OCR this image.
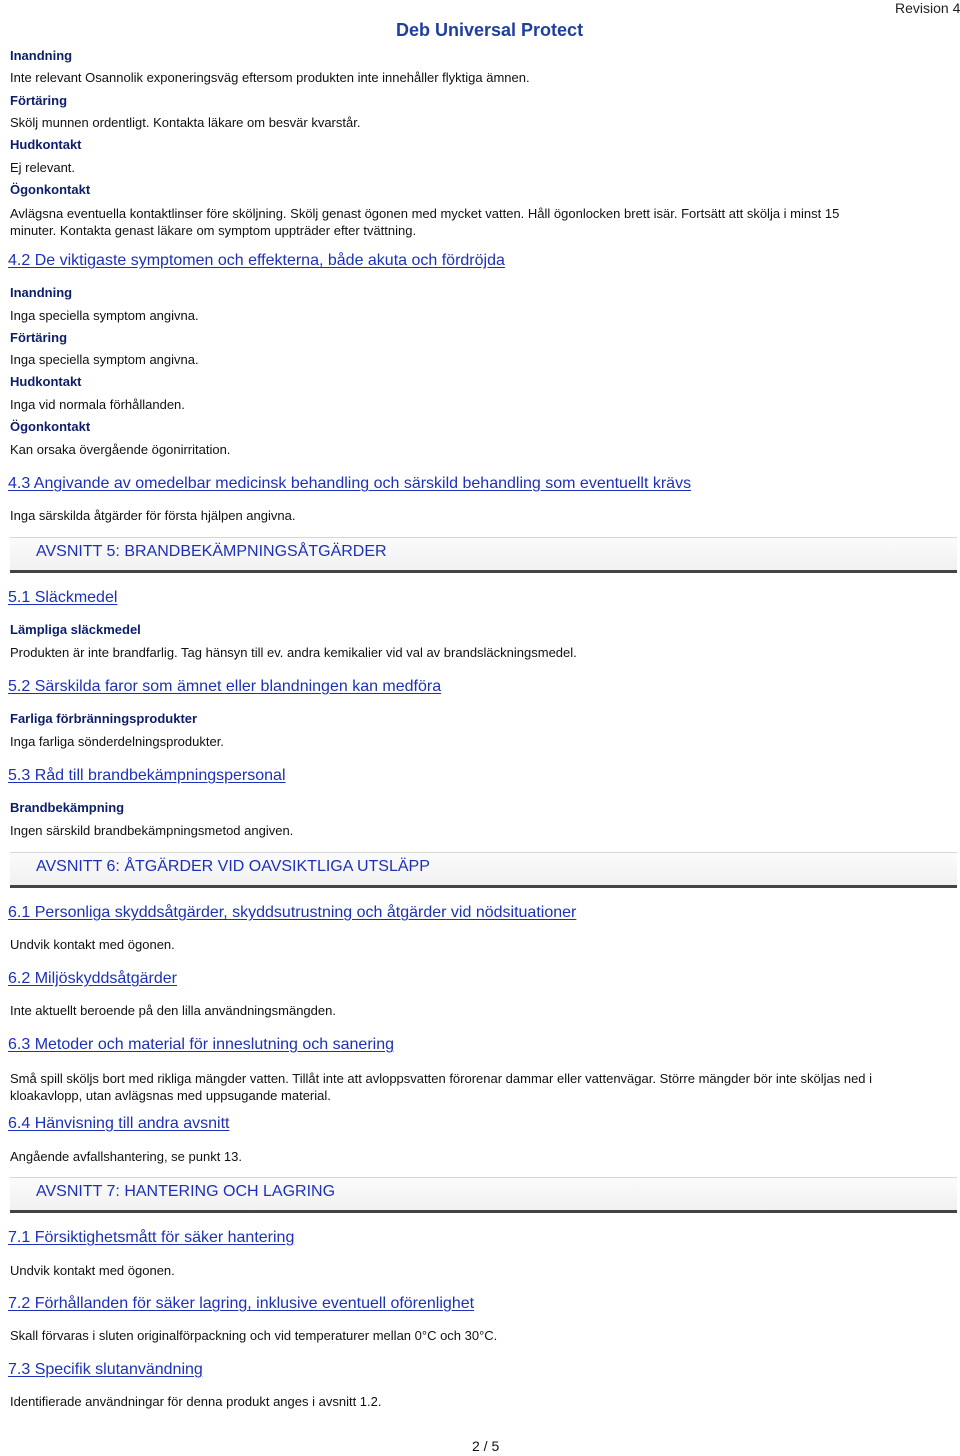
Deb Universal Protect
Revision 4
Inandning
Inte relevant Osannolik exponeringsväg eftersom produkten inte innehåller flyktiga ämnen.
Förtäring
Skölj munnen ordentligt. Kontakta läkare om besvär kvarstår.
Hudkontakt
Ej relevant.
Ögonkontakt
Avlägsna eventuella kontaktlinser före sköljning. Skölj genast ögonen med mycket vatten. Håll ögonlocken brett isär. Fortsätt att skölja i minst 15 minuter. Kontakta genast läkare om symptom uppträder efter tvättning.
4.2 De viktigaste symptomen och effekterna, både akuta och fördröjda
Inandning
Inga speciella symptom angivna.
Förtäring
Inga speciella symptom angivna.
Hudkontakt
Inga vid normala förhållanden.
Ögonkontakt
Kan orsaka övergående ögonirritation.
4.3 Angivande av omedelbar medicinsk behandling och särskild behandling som eventuellt krävs
Inga särskilda åtgärder för första hjälpen angivna.
AVSNITT 5: BRANDBEKÄMPNINGSÅTGÄRDER
5.1 Släckmedel
Lämpliga släckmedel
Produkten är inte brandfarlig. Tag hänsyn till ev. andra kemikalier vid val av brandsläckningsmedel.
5.2 Särskilda faror som ämnet eller blandningen kan medföra
Farliga förbränningsprodukter
Inga farliga sönderdelningsprodukter.
5.3 Råd till brandbekämpningspersonal
Brandbekämpning
Ingen särskild brandbekämpningsmetod angiven.
AVSNITT 6: ÅTGÄRDER VID OAVSIKTLIGA UTSLÄPP
6.1 Personliga skyddsåtgärder, skyddsutrustning och åtgärder vid nödsituationer
Undvik kontakt med ögonen.
6.2 Miljöskyddsåtgärder
Inte aktuellt beroende på den lilla användningsmängden.
6.3 Metoder och material för inneslutning och sanering
Små spill sköljs bort med rikliga mängder vatten. Tillåt inte att avloppsvatten förorenar dammar eller vattenvägar. Större mängder bör inte sköljas ned i kloakavlopp, utan avlägsnas med uppsugande material.
6.4 Hänvisning till andra avsnitt
Angående avfallshantering, se punkt 13.
AVSNITT 7: HANTERING OCH LAGRING
7.1 Försiktighetsmått för säker hantering
Undvik kontakt med ögonen.
7.2 Förhållanden för säker lagring, inklusive eventuell oförenlighet
Skall förvaras i sluten originalförpackning och vid temperaturer mellan 0°C och 30°C.
7.3 Specifik slutanvändning
Identifierade användningar för denna produkt anges i avsnitt 1.2.
2 / 5
